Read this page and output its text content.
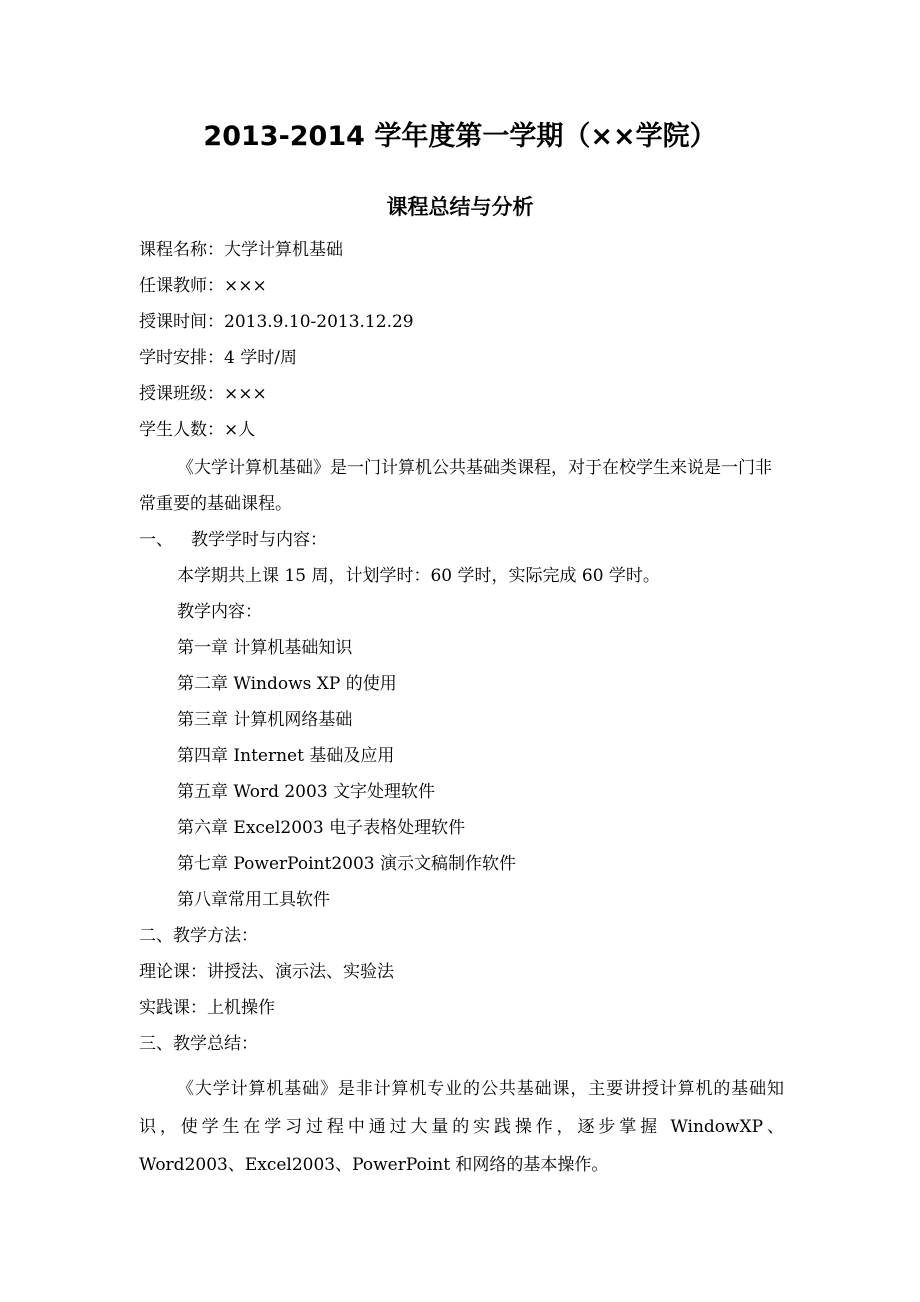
2013-2014 学年度第一学期（××学院）
课程总结与分析
课程名称：大学计算机基础
任课教师：×××
授课时间：2013.9.10-2013.12.29
学时安排：4 学时/周
授课班级：×××
学生人数：×人

《大学计算机基础》是一门计算机公共基础类课程，对于在校学生来说是一门非常重要的基础课程。

一、 教学学时与内容：
本学期共上课 15 周，计划学时：60 学时，实际完成 60 学时。
教学内容：
第一章 计算机基础知识
第二章 Windows XP 的使用
第三章 计算机网络基础
第四章 Internet 基础及应用
第五章 Word 2003 文字处理软件
第六章 Excel2003 电子表格处理软件
第七章 PowerPoint2003 演示文稿制作软件
第八章常用工具软件
二、教学方法：
理论课：讲授法、演示法、实验法
实践课：上机操作
三、教学总结：

《大学计算机基础》是非计算机专业的公共基础课，主要讲授计算机的基础知识，使学生在学习过程中通过大量的实践操作，逐步掌握 WindowXP、Word2003、Excel2003、PowerPoint 和网络的基本操作。
